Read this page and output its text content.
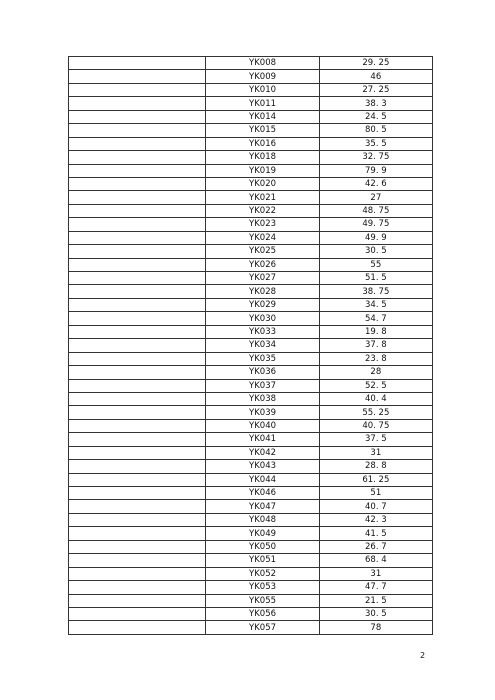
	YK008	29. 25
	YK009	46
	YK010	27. 25
	YK011	38. 3
	YK014	24. 5
	YK015	80. 5
	YK016	35. 5
	YK018	32. 75
	YK019	79. 9
	YK020	42. 6
	YK021	27
	YK022	48. 75
	YK023	49. 75
	YK024	49. 9
	YK025	30. 5
	YK026	55
	YK027	51. 5
	YK028	38. 75
	YK029	34. 5
	YK030	54. 7
	YK033	19. 8
	YK034	37. 8
	YK035	23. 8
	YK036	28
	YK037	52. 5
	YK038	40. 4
	YK039	55. 25
	YK040	40. 75
	YK041	37. 5
	YK042	31
	YK043	28. 8
	YK044	61. 25
	YK046	51
	YK047	40. 7
	YK048	42. 3
	YK049	41. 5
	YK050	26. 7
	YK051	68. 4
	YK052	31
	YK053	47. 7
	YK055	21. 5
	YK056	30. 5
	YK057	78
2
